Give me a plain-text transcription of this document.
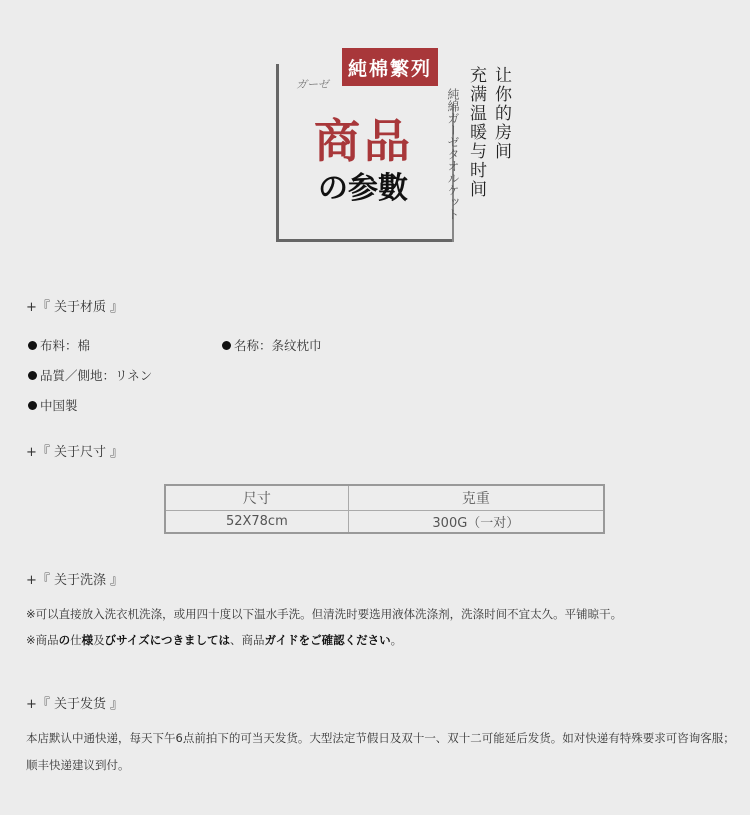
ガーゼ
純棉繁列
商品
の参數
让你的房间
充满温暖与时间
純綿ガーゼタオルケット
+『 关于材质 』
布料：棉	名称：条纹枕巾
品質／側地：リネン
中国製
+『 关于尺寸 』
尺寸	克重
52X78cm	300G（一对）
+『 关于洗涤 』
※可以直接放入洗衣机洗涤，或用四十度以下温水手洗。但清洗时要选用液体洗涤剂，洗涤时间不宜太久。平铺晾干。
※商品の仕様及びサイズにつきましては、商品ガイドをご確認ください。
+『 关于发货 』
本店默认中通快递，每天下午6点前拍下的可当天发货。大型法定节假日及双十一、双十二可能延后发货。如对快递有特殊要求可咨询客服；顺丰快递建议到付。
